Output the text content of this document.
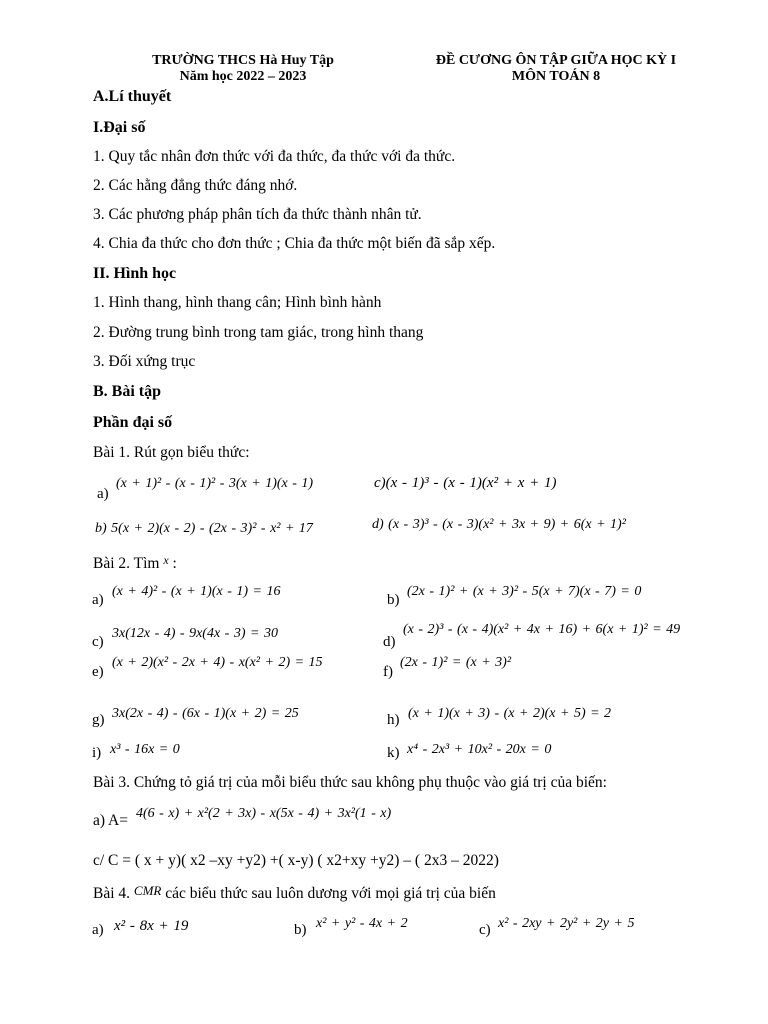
TRƯỜNG THCS Hà Huy Tập
Năm học 2022 – 2023
ĐỀ CƯƠNG ÔN TẬP GIỮA HỌC KỲ I
MÔN TOÁN 8
A.Lí thuyết
I.Đại số
1. Quy tắc nhân đơn thức với đa thức, đa thức với đa thức.
2. Các hằng đẳng thức đáng nhớ.
3. Các phương pháp phân tích đa thức thành nhân tử.
4. Chia đa thức cho đơn thức ; Chia đa thức một biến đã sắp xếp.
II. Hình học
1. Hình thang, hình thang cân; Hình bình hành
2. Đường trung bình trong tam giác, trong hình thang
3. Đối xứng trục
B. Bài tập
Phần đại số
Bài 1. Rút gọn biểu thức:
a)
(x + 1)² - (x - 1)² - 3(x + 1)(x - 1)	c)(x - 1)³ - (x - 1)(x² + x + 1)
b) 5(x + 2)(x - 2) - (2x - 3)² - x² + 17	d) (x - 3)³ - (x - 3)(x² + 3x + 9) + 6(x + 1)²
Bài 2. Tìm $^x$ :
a)
(x + 4)² - (x + 1)(x - 1) = 16
b)
(2x - 1)² + (x + 3)² - 5(x + 7)(x - 7) = 0
c)
3x(12x - 4) - 9x(4x - 3) = 30
d)
(x - 2)³ - (x - 4)(x² + 4x + 16) + 6(x + 1)² = 49
e)
(x + 2)(x² - 2x + 4) - x(x² + 2) = 15
f)
(2x - 1)² = (x + 3)²
g) 3x(2x - 4) - (6x - 1)(x + 2) = 25	h) (x + 1)(x + 3) - (x + 2)(x + 5) = 2
i) x³ - 16x = 0	k) x⁴ - 2x³ + 10x² - 20x = 0
Bài 3. Chứng tỏ giá trị của mỗi biểu thức sau không phụ thuộc vào giá trị của biến:
a) A= 4(6 - x) + x²(2 + 3x) - x(5x - 4) + 3x²(1 - x)
c/ C = ( x + y)( x2 –xy +y2) +( x-y) ( x2+xy +y2) – ( 2x3 – 2022)
Bài 4. CMR các biểu thức sau luôn dương với mọi giá trị của biến
a) x² - 8x + 19	b) x² + y² - 4x + 2	c) x² - 2xy + 2y² + 2y + 5
